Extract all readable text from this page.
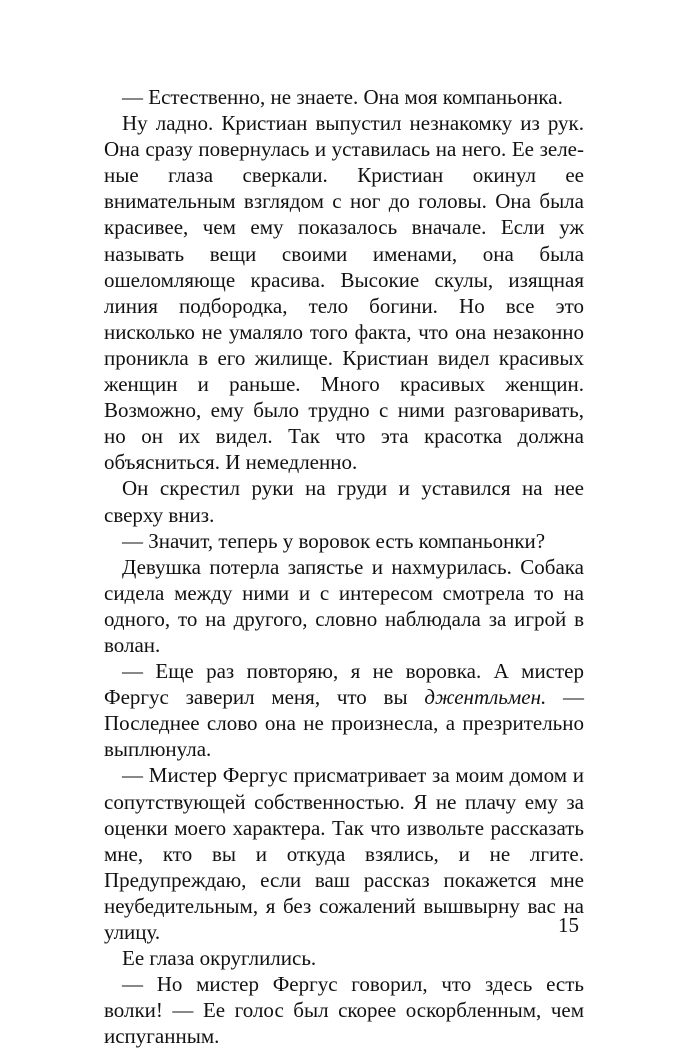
— Естественно, не знаете. Она моя компаньонка.

Ну ладно. Кристиан выпустил незнакомку из рук. Она сразу повернулась и уставилась на него. Ее зеле-ные глаза сверкали. Кристиан окинул ее внимательным взглядом с ног до головы. Она была красивее, чем ему показалось вначале. Если уж называть вещи своими именами, она была ошеломляюще красива. Высокие скулы, изящная линия подбородка, тело богини. Но все это нисколько не умаляло того факта, что она незаконно проникла в его жилище. Кристиан видел красивых женщин и раньше. Много красивых женщин. Возможно, ему было трудно с ними разговаривать, но он их видел. Так что эта красотка должна объясниться. И немедленно.

Он скрестил руки на груди и уставился на нее сверху вниз.

— Значит, теперь у воровок есть компаньонки?

Девушка потерла запястье и нахмурилась. Собака сидела между ними и с интересом смотрела то на одного, то на другого, словно наблюдала за игрой в волан.

— Еще раз повторяю, я не воровка. А мистер Фергус заверил меня, что вы джентльмен. — Последнее слово она не произнесла, а презрительно выплюнула.

— Мистер Фергус присматривает за моим домом и сопутствующей собственностью. Я не плачу ему за оценки моего характера. Так что извольте рассказать мне, кто вы и откуда взялись, и не лгите. Предупреждаю, если ваш рассказ покажется мне неубедительным, я без сожалений вышвырну вас на улицу.

Ее глаза округлились.

— Но мистер Фергус говорил, что здесь есть волки! — Ее голос был скорее оскорбленным, чем испуганным.

15
